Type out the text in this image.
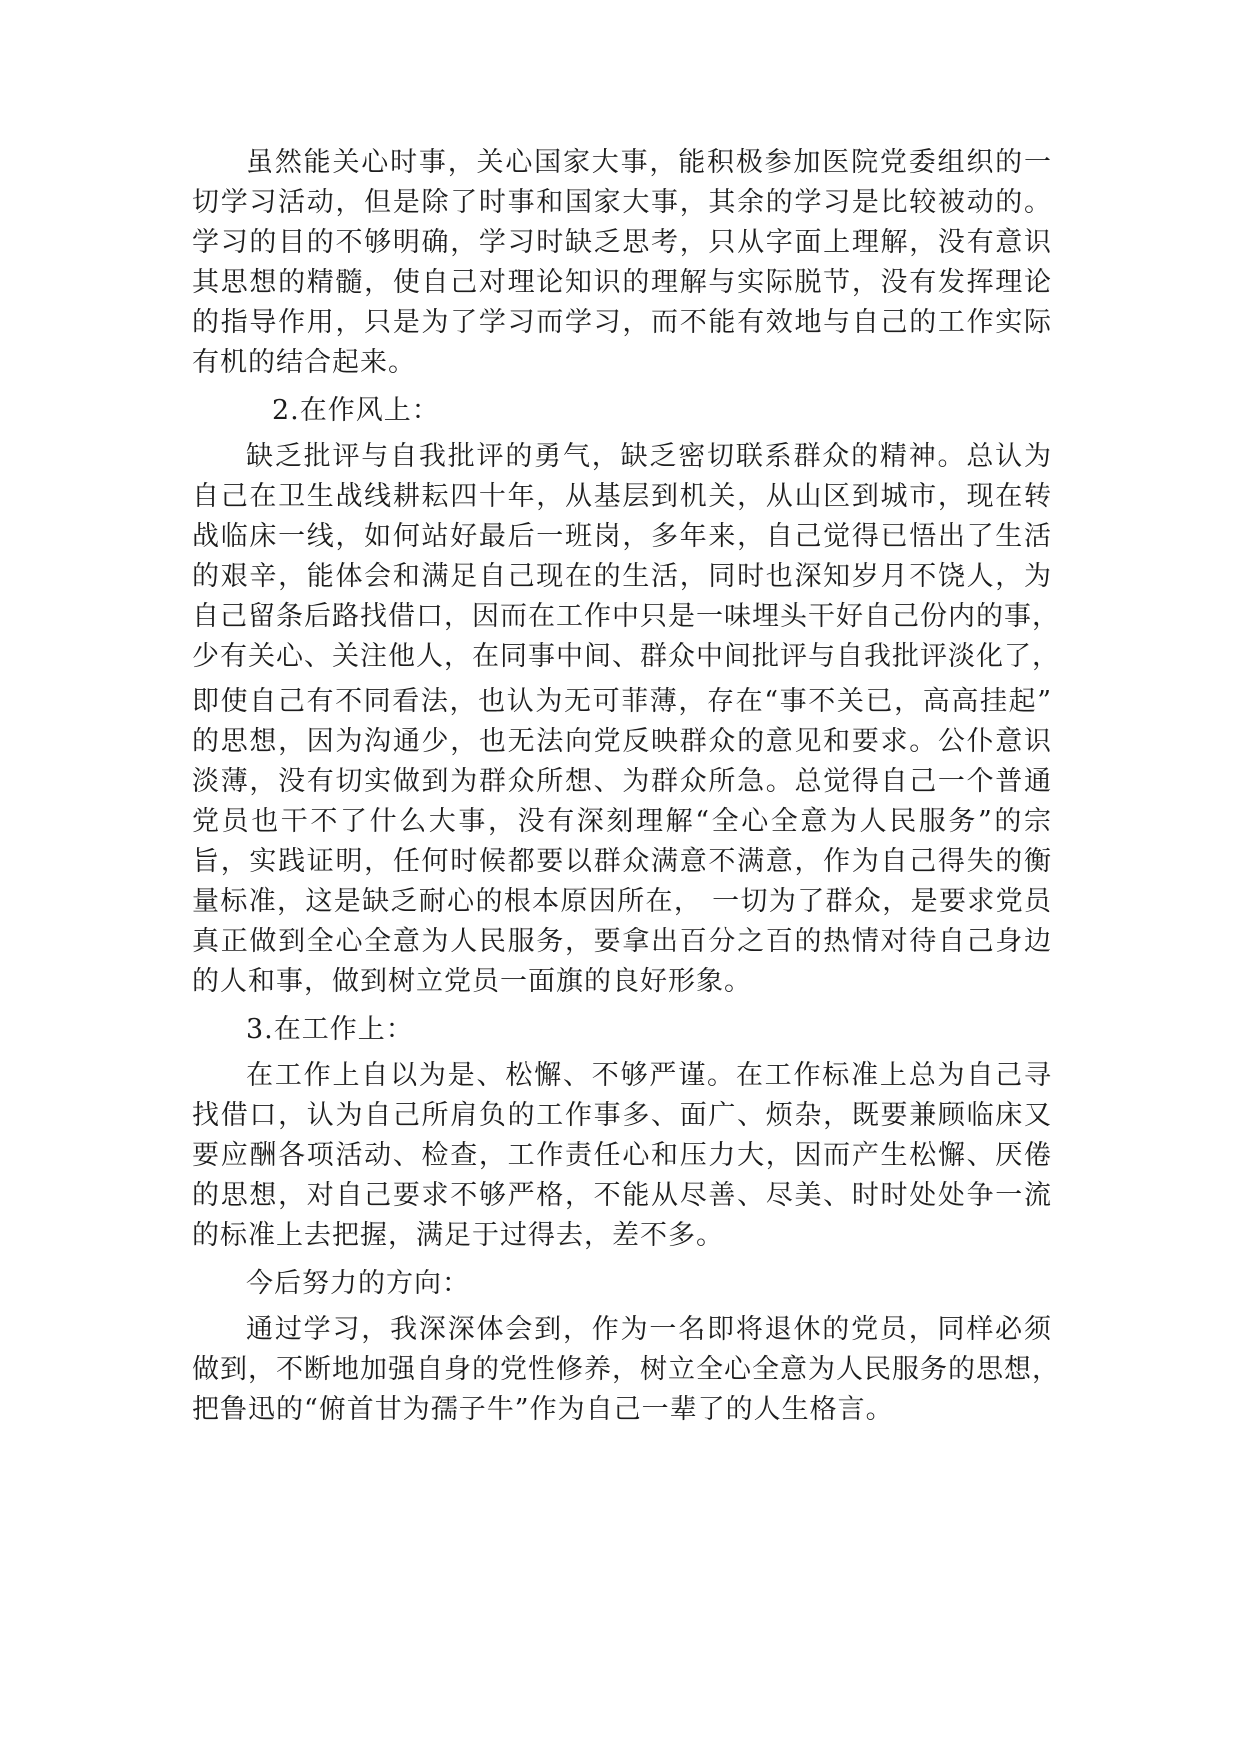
虽然能关心时事，关心国家大事，能积极参加医院党委组织的一
切学习活动，但是除了时事和国家大事，其余的学习是比较被动的。
学习的目的不够明确，学习时缺乏思考，只从字面上理解，没有意识
其思想的精髓，使自己对理论知识的理解与实际脱节，没有发挥理论
的指导作用，只是为了学习而学习，而不能有效地与自己的工作实际
有机的结合起来。
2.在作风上：
缺乏批评与自我批评的勇气，缺乏密切联系群众的精神。总认为
自己在卫生战线耕耘四十年，从基层到机关，从山区到城市，现在转
战临床一线，如何站好最后一班岗，多年来，自己觉得已悟出了生活
的艰辛，能体会和满足自己现在的生活，同时也深知岁月不饶人，为
自己留条后路找借口，因而在工作中只是一味埋头干好自己份内的事，
少有关心、关注他人，在同事中间、群众中间批评与自我批评淡化了，
即使自己有不同看法，也认为无可菲薄，存在“事不关已，高高挂起”
的思想，因为沟通少，也无法向党反映群众的意见和要求。公仆意识
淡薄，没有切实做到为群众所想、为群众所急。总觉得自己一个普通
党员也干不了什么大事，没有深刻理解“全心全意为人民服务”的宗
旨，实践证明，任何时候都要以群众满意不满意，作为自己得失的衡
量标准，这是缺乏耐心的根本原因所在， 一切为了群众，是要求党员
真正做到全心全意为人民服务，要拿出百分之百的热情对待自己身边
的人和事，做到树立党员一面旗的良好形象。
3.在工作上：
在工作上自以为是、松懈、不够严谨。在工作标准上总为自己寻
找借口，认为自己所肩负的工作事多、面广、烦杂，既要兼顾临床又
要应酬各项活动、检查，工作责任心和压力大，因而产生松懈、厌倦
的思想，对自己要求不够严格，不能从尽善、尽美、时时处处争一流
的标准上去把握，满足于过得去，差不多。
今后努力的方向：
通过学习，我深深体会到，作为一名即将退休的党员，同样必须
做到，不断地加强自身的党性修养，树立全心全意为人民服务的思想，
把鲁迅的“俯首甘为孺子牛”作为自己一辈了的人生格言。
